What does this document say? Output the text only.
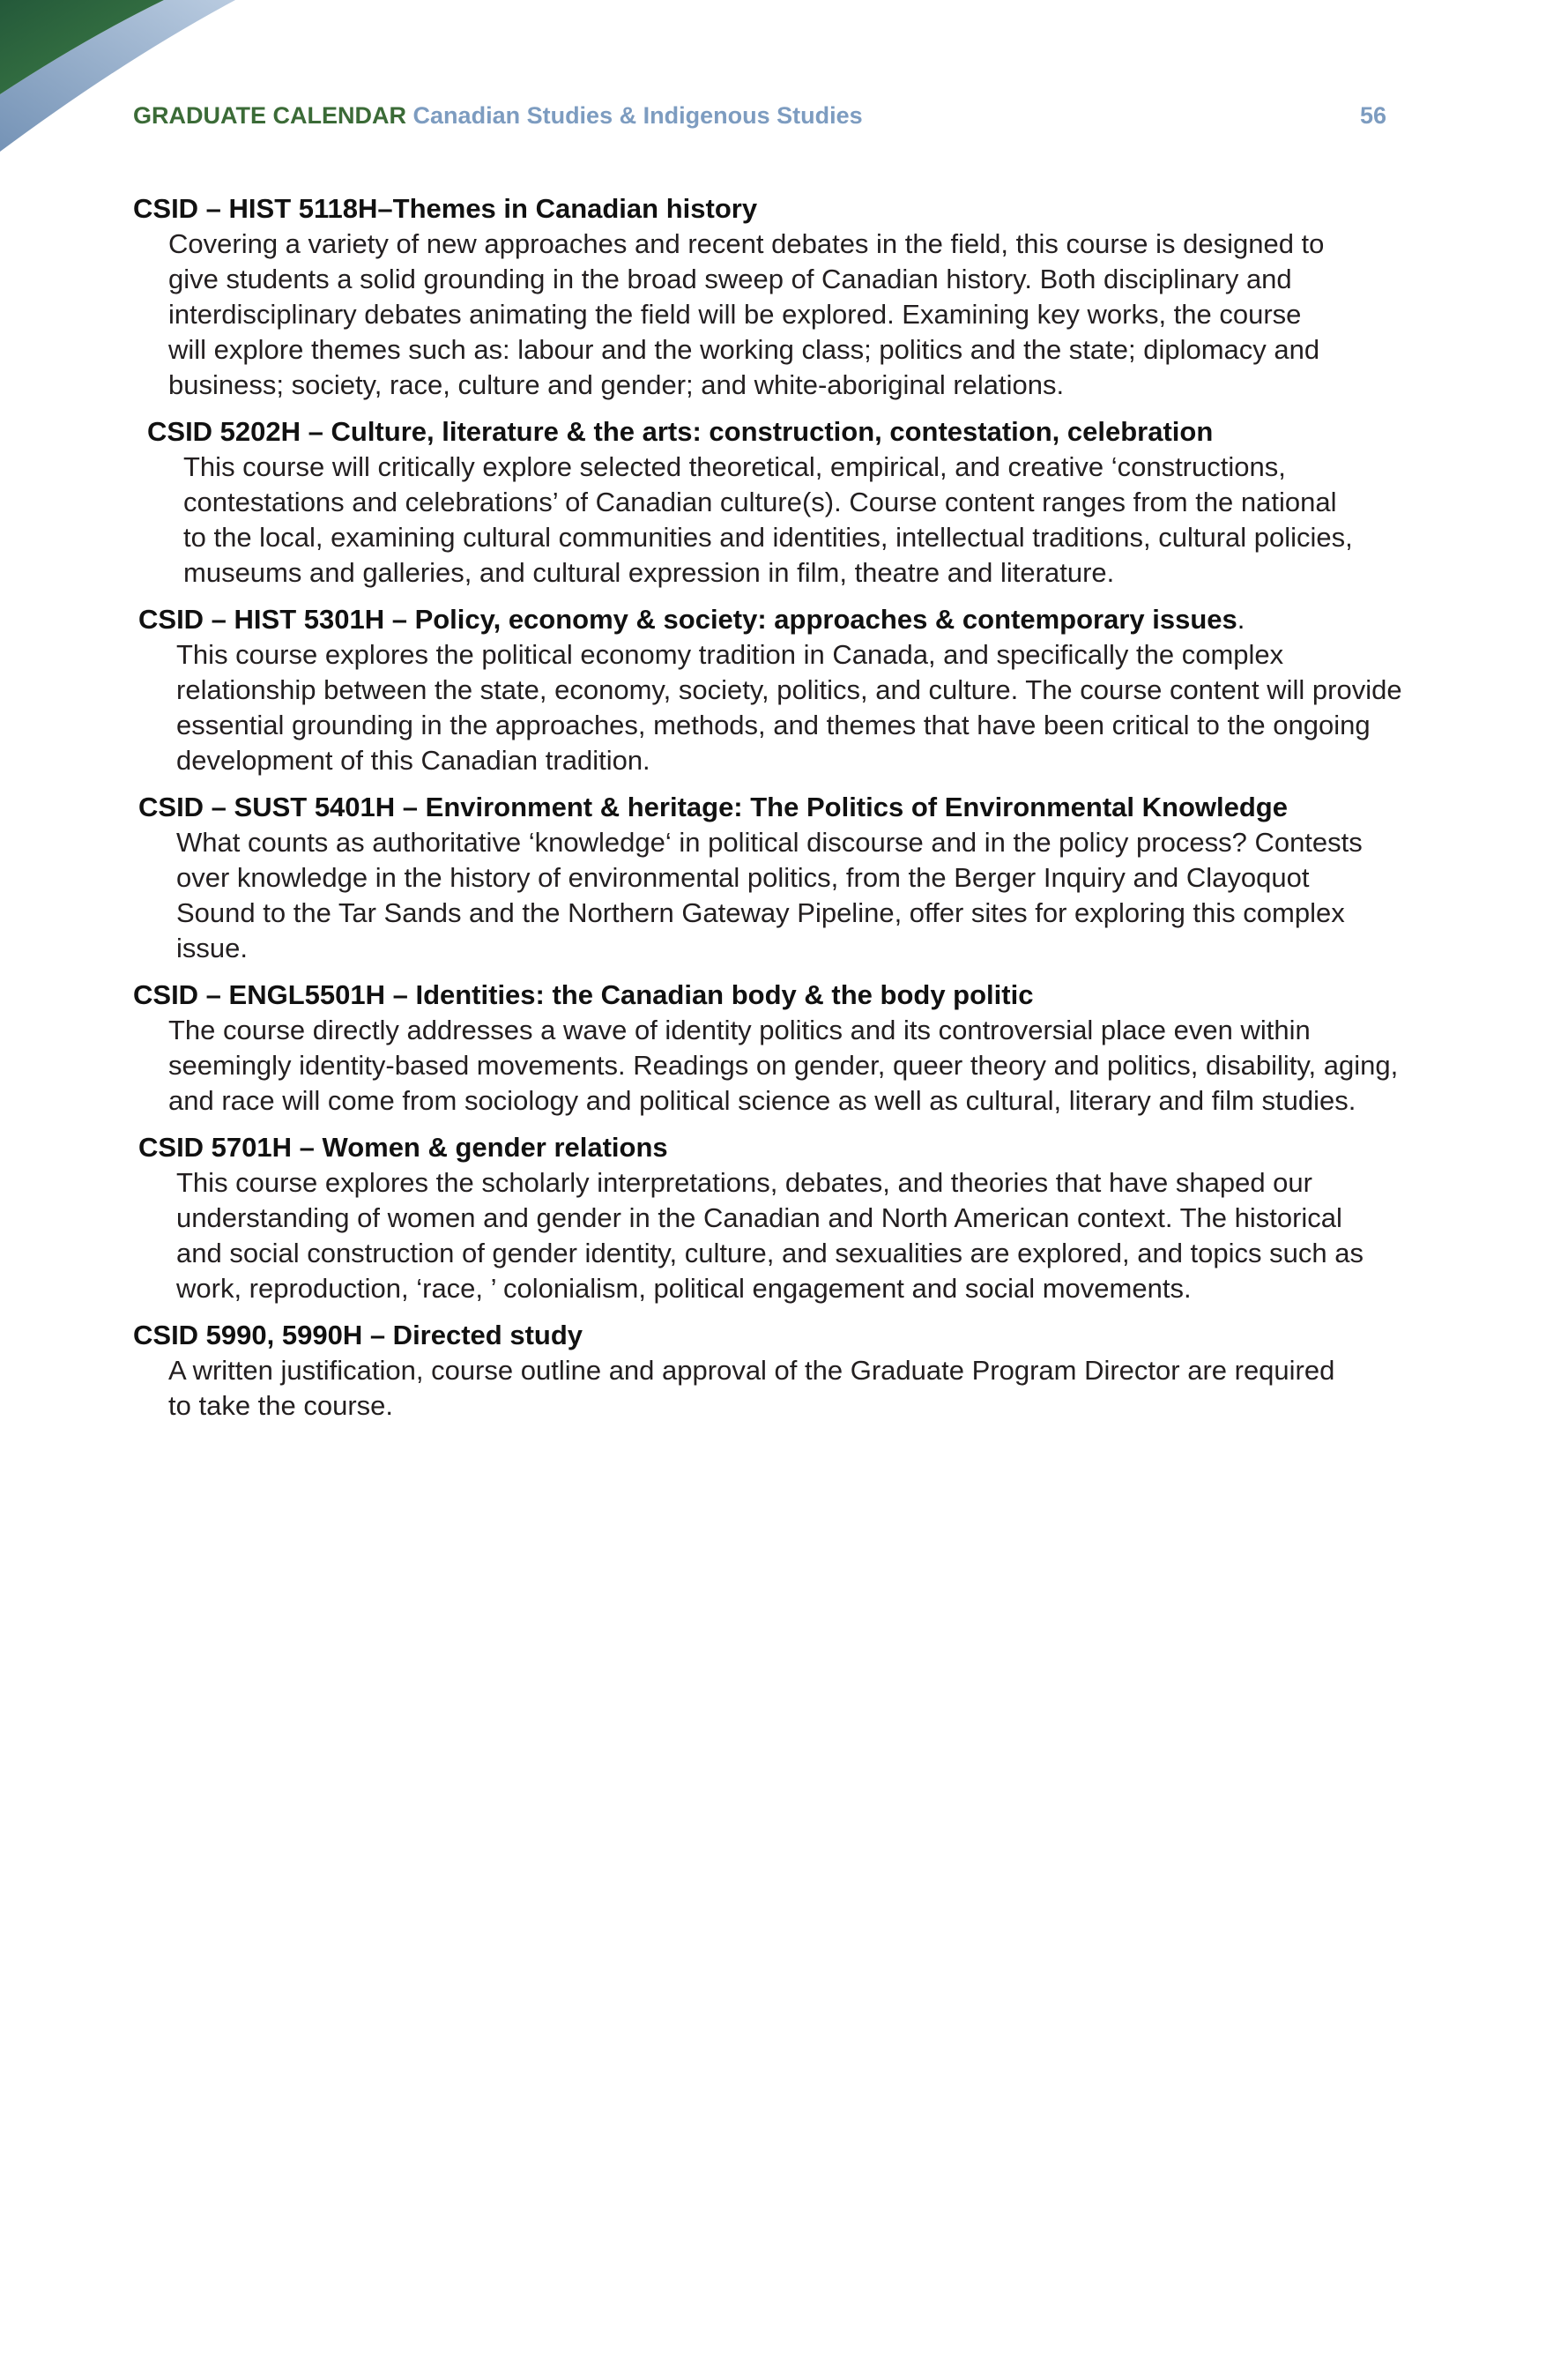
GRADUATE CALENDAR Canadian Studies & Indigenous Studies	56
CSID – HIST 5118H–Themes in Canadian history
Covering a variety of new approaches and recent debates in the field, this course is designed to
give students a solid grounding in the broad sweep of Canadian history. Both disciplinary and
interdisciplinary debates animating the field will be explored. Examining key works, the course
will explore themes such as: labour and the working class; politics and the state; diplomacy and
business; society, race, culture and gender; and white-aboriginal relations.
CSID 5202H – Culture, literature & the arts: construction, contestation, celebration
This course will critically explore selected theoretical, empirical, and creative ‘constructions,
contestations and celebrations’ of Canadian culture(s). Course content ranges from the national
to the local, examining cultural communities and identities, intellectual traditions, cultural policies,
museums and galleries, and cultural expression in film, theatre and literature.
CSID – HIST 5301H – Policy, economy & society: approaches & contemporary issues.
This course explores the political economy tradition in Canada, and specifically the complex
relationship between the state, economy, society, politics, and culture. The course content will provide
essential grounding in the approaches, methods, and themes that have been critical to the ongoing
development of this Canadian tradition.
CSID – SUST 5401H – Environment & heritage: The Politics of Environmental Knowledge
What counts as authoritative ‘knowledge‘ in political discourse and in the policy process? Contests
over knowledge in the history of environmental politics, from the Berger Inquiry and Clayoquot
Sound to the Tar Sands and the Northern Gateway Pipeline, offer sites for exploring this complex
issue.
CSID – ENGL5501H – Identities: the Canadian body & the body politic
The course directly addresses a wave of identity politics and its controversial place even within
seemingly identity-based movements. Readings on gender, queer theory and politics, disability, aging,
and race will come from sociology and political science as well as cultural, literary and film studies.
CSID 5701H – Women & gender relations
This course explores the scholarly interpretations, debates, and theories that have shaped our
understanding of women and gender in the Canadian and North American context. The historical
and social construction of gender identity, culture, and sexualities are explored, and topics such as
work, reproduction, ‘race, ’ colonialism, political engagement and social movements.
CSID 5990, 5990H – Directed study
A written justification, course outline and approval of the Graduate Program Director are required
to take the course.
